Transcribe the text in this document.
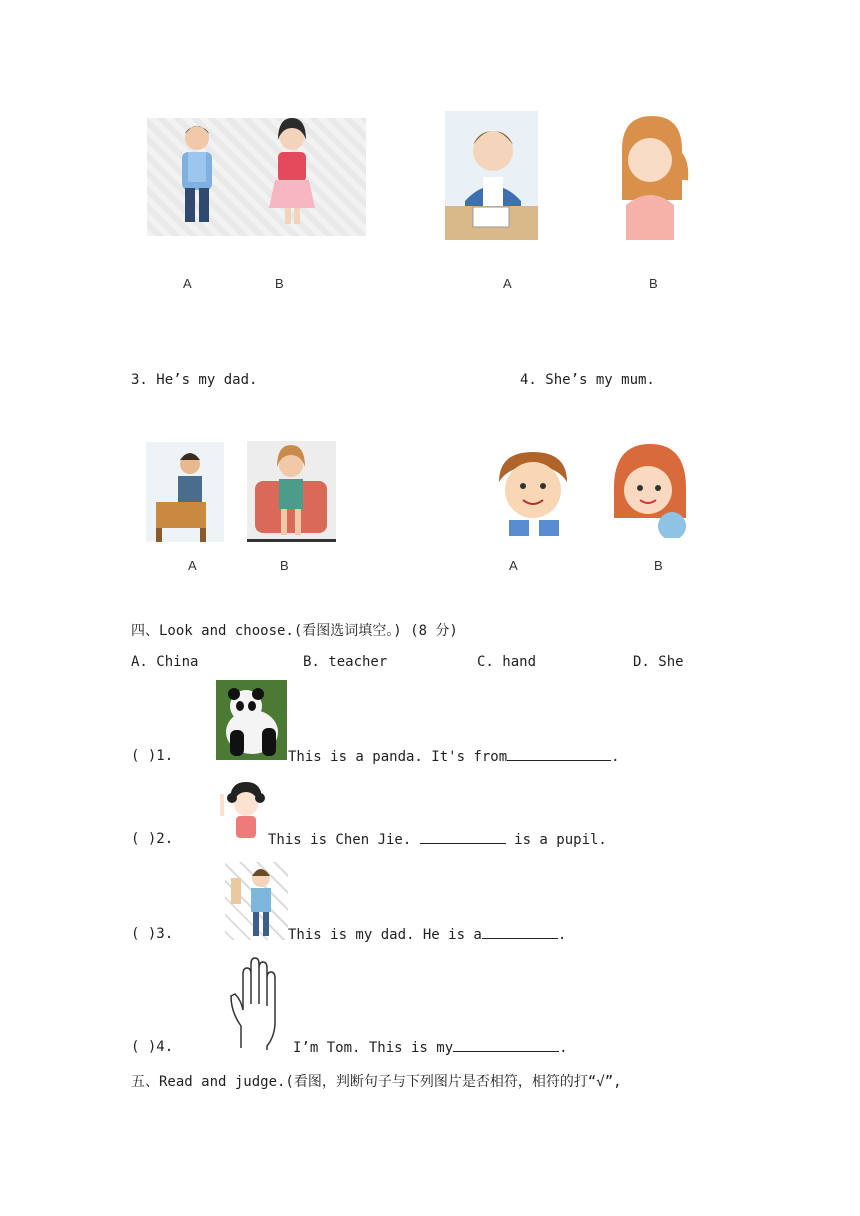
A	B	A	B
3. He’s my dad.	4. She’s my mum.
A	B	A	B
四、Look and choose.(看图选词填空。) (8 分)
A. China	B. teacher	C. hand	D. She
( )1.	This is a panda. It's from	.
( )2.	This is Chen Jie.	is a pupil.
( )3.	This is my dad. He is a	.
( )4.	I’m Tom. This is my	.
五、Read and judge.(看图，判断句子与下列图片是否相符，相符的打“√”,
